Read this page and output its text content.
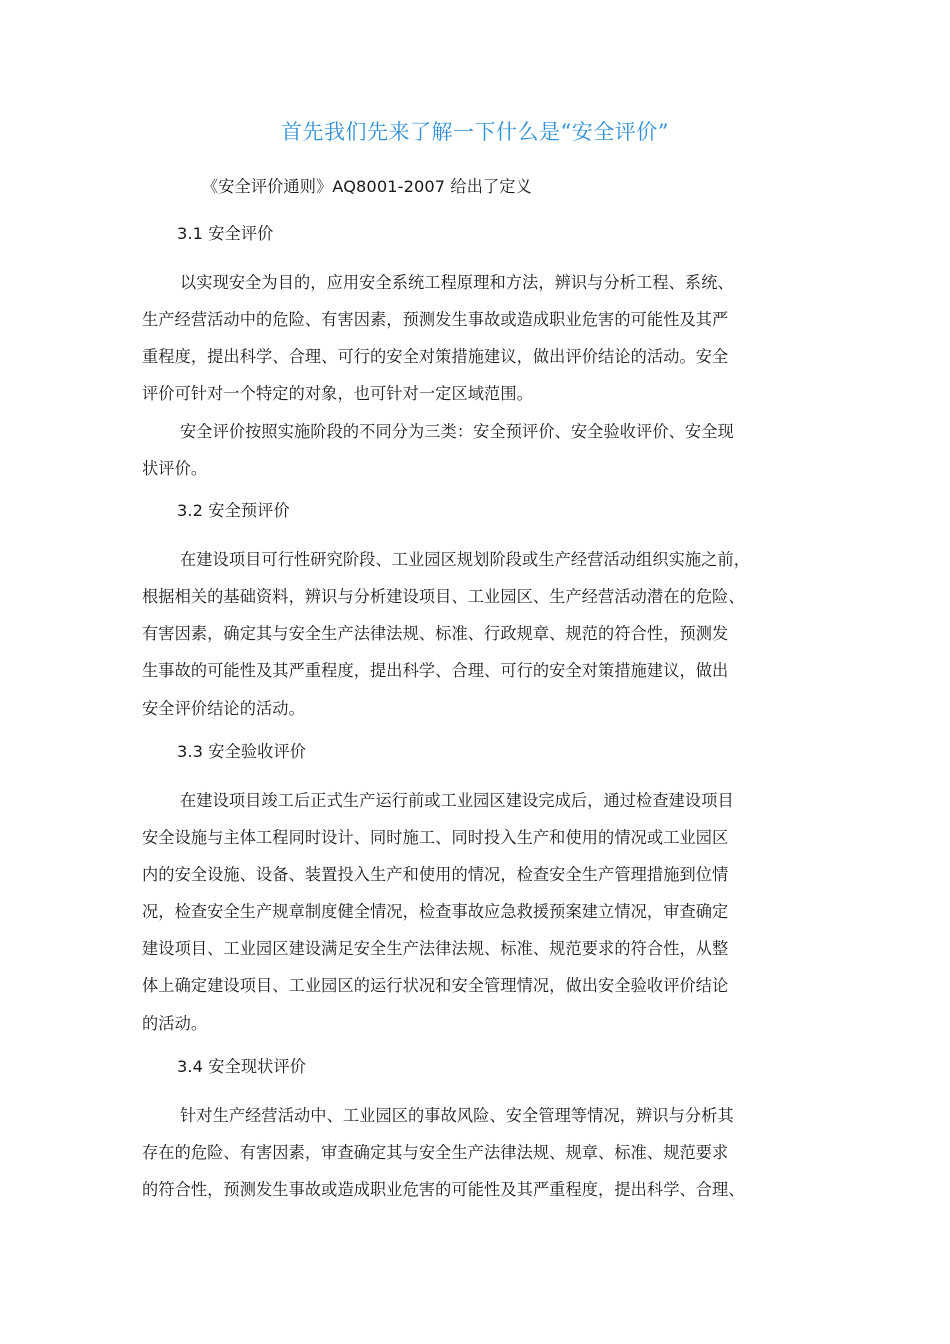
首先我们先来了解一下什么是“安全评价”
《安全评价通则》AQ8001-2007 给出了定义
3.1 安全评价
以实现安全为目的，应用安全系统工程原理和方法，辨识与分析工程、系统、
生产经营活动中的危险、有害因素，预测发生事故或造成职业危害的可能性及其严
重程度，提出科学、合理、可行的安全对策措施建议，做出评价结论的活动。安全
评价可针对一个特定的对象，也可针对一定区域范围。
安全评价按照实施阶段的不同分为三类：安全预评价、安全验收评价、安全现
状评价。
3.2 安全预评价
在建设项目可行性研究阶段、工业园区规划阶段或生产经营活动组织实施之前，
根据相关的基础资料，辨识与分析建设项目、工业园区、生产经营活动潜在的危险、
有害因素，确定其与安全生产法律法规、标准、行政规章、规范的符合性，预测发
生事故的可能性及其严重程度，提出科学、合理、可行的安全对策措施建议，做出
安全评价结论的活动。
3.3 安全验收评价
在建设项目竣工后正式生产运行前或工业园区建设完成后，通过检查建设项目
安全设施与主体工程同时设计、同时施工、同时投入生产和使用的情况或工业园区
内的安全设施、设备、装置投入生产和使用的情况，检查安全生产管理措施到位情
况，检查安全生产规章制度健全情况，检查事故应急救援预案建立情况，审查确定
建设项目、工业园区建设满足安全生产法律法规、标准、规范要求的符合性，从整
体上确定建设项目、工业园区的运行状况和安全管理情况，做出安全验收评价结论
的活动。
3.4 安全现状评价
针对生产经营活动中、工业园区的事故风险、安全管理等情况，辨识与分析其
存在的危险、有害因素，审查确定其与安全生产法律法规、规章、标准、规范要求
的符合性，预测发生事故或造成职业危害的可能性及其严重程度，提出科学、合理、
